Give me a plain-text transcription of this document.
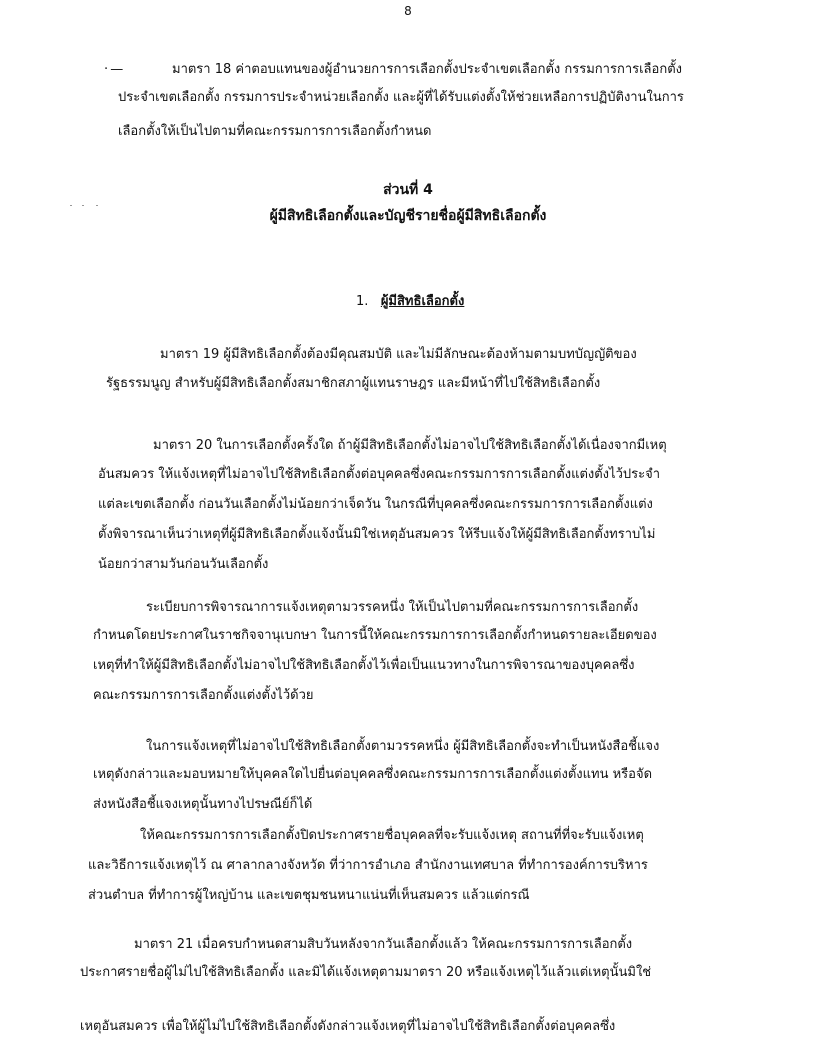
8
· —	มาตรา 18 ค่าตอบแทนของผู้อำนวยการการเลือกตั้งประจำเขตเลือกตั้ง กรรมการการเลือกตั้ง
ประจำเขตเลือกตั้ง กรรมการประจำหน่วยเลือกตั้ง และผู้ที่ได้รับแต่งตั้งให้ช่วยเหลือการปฏิบัติงานในการ
เลือกตั้งให้เป็นไปตามที่คณะกรรมการการเลือกตั้งกำหนด
ส่วนที่ 4
ผู้มีสิทธิเลือกตั้งและบัญชีรายชื่อผู้มีสิทธิเลือกตั้ง
1. ผู้มีสิทธิเลือกตั้ง
มาตรา 19 ผู้มีสิทธิเลือกตั้งต้องมีคุณสมบัติ และไม่มีลักษณะต้องห้ามตามบทบัญญัติของ
รัฐธรรมนูญ สำหรับผู้มีสิทธิเลือกตั้งสมาชิกสภาผู้แทนราษฎร และมีหน้าที่ไปใช้สิทธิเลือกตั้ง
มาตรา 20 ในการเลือกตั้งครั้งใด ถ้าผู้มีสิทธิเลือกตั้งไม่อาจไปใช้สิทธิเลือกตั้งได้เนื่องจากมีเหตุ
อันสมควร ให้แจ้งเหตุที่ไม่อาจไปใช้สิทธิเลือกตั้งต่อบุคคลซึ่งคณะกรรมการการเลือกตั้งแต่งตั้งไว้ประจำ
แต่ละเขตเลือกตั้ง ก่อนวันเลือกตั้งไม่น้อยกว่าเจ็ดวัน ในกรณีที่บุคคลซึ่งคณะกรรมการการเลือกตั้งแต่ง
ตั้งพิจารณาเห็นว่าเหตุที่ผู้มีสิทธิเลือกตั้งแจ้งนั้นมิใช่เหตุอันสมควร ให้รีบแจ้งให้ผู้มีสิทธิเลือกตั้งทราบไม่
น้อยกว่าสามวันก่อนวันเลือกตั้ง
ระเบียบการพิจารณาการแจ้งเหตุตามวรรคหนึ่ง ให้เป็นไปตามที่คณะกรรมการการเลือกตั้ง
กำหนดโดยประกาศในราชกิจจานุเบกษา ในการนี้ให้คณะกรรมการการเลือกตั้งกำหนดรายละเอียดของ
เหตุที่ทำให้ผู้มีสิทธิเลือกตั้งไม่อาจไปใช้สิทธิเลือกตั้งไว้เพื่อเป็นแนวทางในการพิจารณาของบุคคลซึ่ง
คณะกรรมการการเลือกตั้งแต่งตั้งไว้ด้วย
ในการแจ้งเหตุที่ไม่อาจไปใช้สิทธิเลือกตั้งตามวรรคหนึ่ง ผู้มีสิทธิเลือกตั้งจะทำเป็นหนังสือชี้แจง
เหตุดังกล่าวและมอบหมายให้บุคคลใดไปยื่นต่อบุคคลซึ่งคณะกรรมการการเลือกตั้งแต่งตั้งแทน หรือจัด
ส่งหนังสือชี้แจงเหตุนั้นทางไปรษณีย์ก็ได้
ให้คณะกรรมการการเลือกตั้งปิดประกาศรายชื่อบุคคลที่จะรับแจ้งเหตุ สถานที่ที่จะรับแจ้งเหตุ
และวิธีการแจ้งเหตุไว้ ณ ศาลากลางจังหวัด ที่ว่าการอำเภอ สำนักงานเทศบาล ที่ทำการองค์การบริหาร
ส่วนตำบล ที่ทำการผู้ใหญ่บ้าน และเขตชุมชนหนาแน่นที่เห็นสมควร แล้วแต่กรณี
มาตรา 21 เมื่อครบกำหนดสามสิบวันหลังจากวันเลือกตั้งแล้ว ให้คณะกรรมการการเลือกตั้ง
ประกาศรายชื่อผู้ไม่ไปใช้สิทธิเลือกตั้ง และมิได้แจ้งเหตุตามมาตรา 20 หรือแจ้งเหตุไว้แล้วแต่เหตุนั้นมิใช่
เหตุอันสมควร เพื่อให้ผู้ไม่ไปใช้สิทธิเลือกตั้งดังกล่าวแจ้งเหตุที่ไม่อาจไปใช้สิทธิเลือกตั้งต่อบุคคลซึ่ง
